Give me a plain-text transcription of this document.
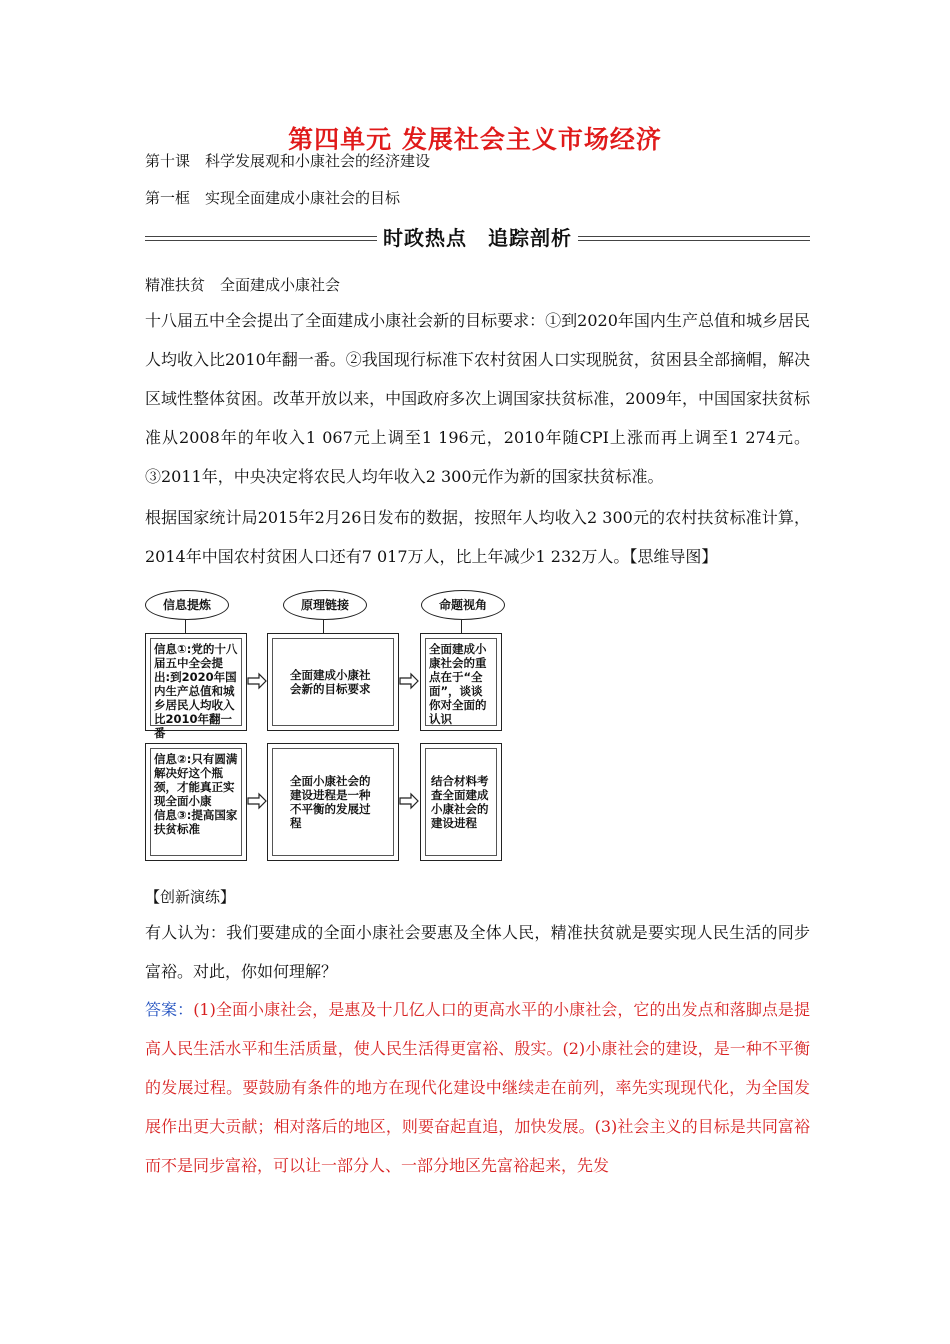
第四单元 发展社会主义市场经济
第十课　科学发展观和小康社会的经济建设
第一框　实现全面建成小康社会的目标
时政热点　追踪剖析
精准扶贫　全面建成小康社会
十八届五中全会提出了全面建成小康社会新的目标要求：①到2020年国内生产总值和城乡居民人均收入比2010年翻一番。②我国现行标准下农村贫困人口实现脱贫，贫困县全部摘帽，解决区域性整体贫困。改革开放以来，中国政府多次上调国家扶贫标准，2009年，中国国家扶贫标准从2008年的年收入1 067元上调至1 196元，2010年随CPI上涨而再上调至1 274元。③2011年，中央决定将农民人均年收入2 300元作为新的国家扶贫标准。
根据国家统计局2015年2月26日发布的数据，按照年人均收入2 300元的农村扶贫标准计算，2014年中国农村贫困人口还有7 017万人，比上年减少1 232万人。【思维导图】
信息提炼	原理链接	命题视角
信息①:党的十八届五中全会提出:到2020年国内生产总值和城乡居民人均收入比2010年翻一番
全面建成小康社会新的目标要求
全面建成小康社会的重点在于“全面”，谈谈你对全面的认识
信息②:只有圆满解决好这个瓶颈，才能真正实现全面小康
信息③:提高国家扶贫标准
全面小康社会的建设进程是一种不平衡的发展过程
结合材料考查全面建成小康社会的建设进程
【创新演练】
有人认为：我们要建成的全面小康社会要惠及全体人民，精准扶贫就是要实现人民生活的同步富裕。对此，你如何理解？
答案：(1)全面小康社会，是惠及十几亿人口的更高水平的小康社会，它的出发点和落脚点是提高人民生活水平和生活质量，使人民生活得更富裕、殷实。(2)小康社会的建设，是一种不平衡的发展过程。要鼓励有条件的地方在现代化建设中继续走在前列，率先实现现代化，为全国发展作出更大贡献；相对落后的地区，则要奋起直追，加快发展。(3)社会主义的目标是共同富裕而不是同步富裕，可以让一部分人、一部分地区先富裕起来，先发
